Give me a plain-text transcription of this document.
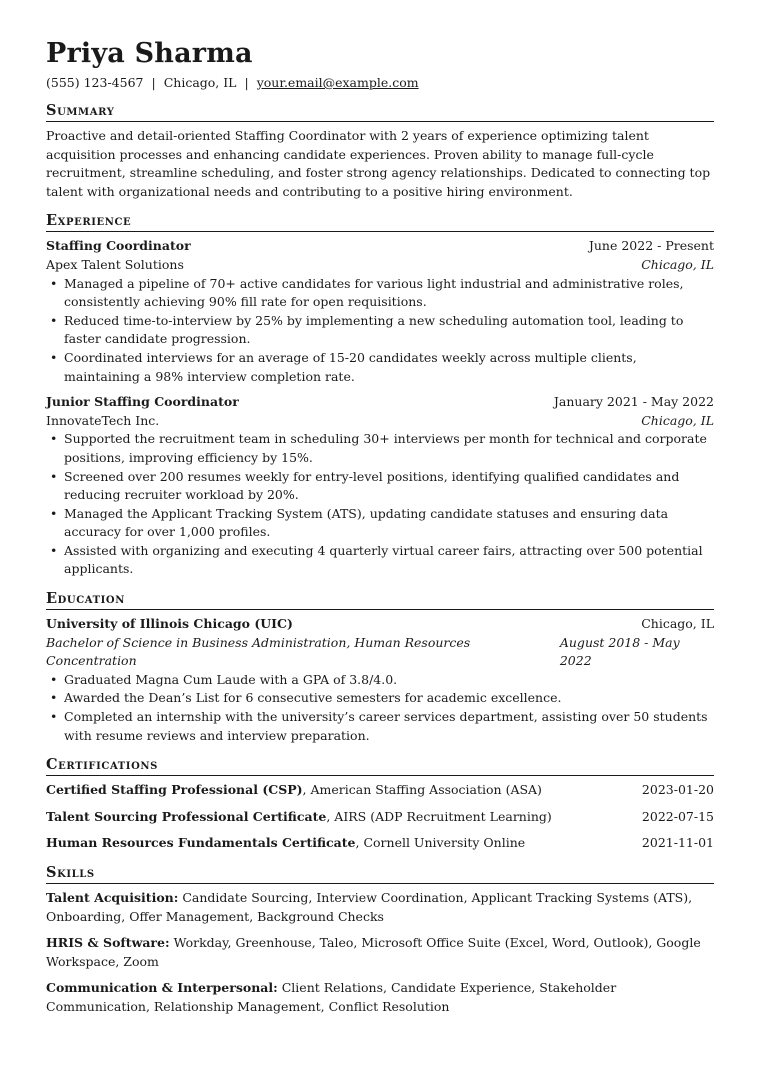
Priya Sharma
(555) 123-4567 | Chicago, IL | your.email@example.com
Summary

Proactive and detail-oriented Staffing Coordinator with 2 years of experience optimizing talent acquisition processes and enhancing candidate experiences. Proven ability to manage full-cycle recruitment, streamline scheduling, and foster strong agency relationships. Dedicated to connecting top talent with organizational needs and contributing to a positive hiring environment.

Experience
Staffing Coordinator	June 2022 - Present
Apex Talent Solutions	Chicago, IL
• Managed a pipeline of 70+ active candidates for various light industrial and administrative roles, consistently achieving 90% fill rate for open requisitions.
• Reduced time-to-interview by 25% by implementing a new scheduling automation tool, leading to faster candidate progression.
• Coordinated interviews for an average of 15-20 candidates weekly across multiple clients, maintaining a 98% interview completion rate.
Junior Staffing Coordinator	January 2021 - May 2022
InnovateTech Inc.	Chicago, IL
• Supported the recruitment team in scheduling 30+ interviews per month for technical and corporate positions, improving efficiency by 15%.
• Screened over 200 resumes weekly for entry-level positions, identifying qualified candidates and reducing recruiter workload by 20%.
• Managed the Applicant Tracking System (ATS), updating candidate statuses and ensuring data accuracy for over 1,000 profiles.
• Assisted with organizing and executing 4 quarterly virtual career fairs, attracting over 500 potential applicants.
Education
University of Illinois Chicago (UIC)	Chicago, IL
Bachelor of Science in Business Administration, Human Resources Concentration
August 2018 - May 2022
• Graduated Magna Cum Laude with a GPA of 3.8/4.0.
• Awarded the Dean’s List for 6 consecutive semesters for academic excellence.
• Completed an internship with the university’s career services department, assisting over 50 students with resume reviews and interview preparation.
Certifications
Certified Staffing Professional (CSP), American Staffing Association (ASA)	2023-01-20
Talent Sourcing Professional Certificate, AIRS (ADP Recruitment Learning)	2022-07-15
Human Resources Fundamentals Certificate, Cornell University Online	2021-11-01
Skills
Talent Acquisition: Candidate Sourcing, Interview Coordination, Applicant Tracking Systems (ATS), Onboarding, Offer Management, Background Checks
HRIS & Software: Workday, Greenhouse, Taleo, Microsoft Office Suite (Excel, Word, Outlook), Google Workspace, Zoom
Communication & Interpersonal: Client Relations, Candidate Experience, Stakeholder Communication, Relationship Management, Conflict Resolution
